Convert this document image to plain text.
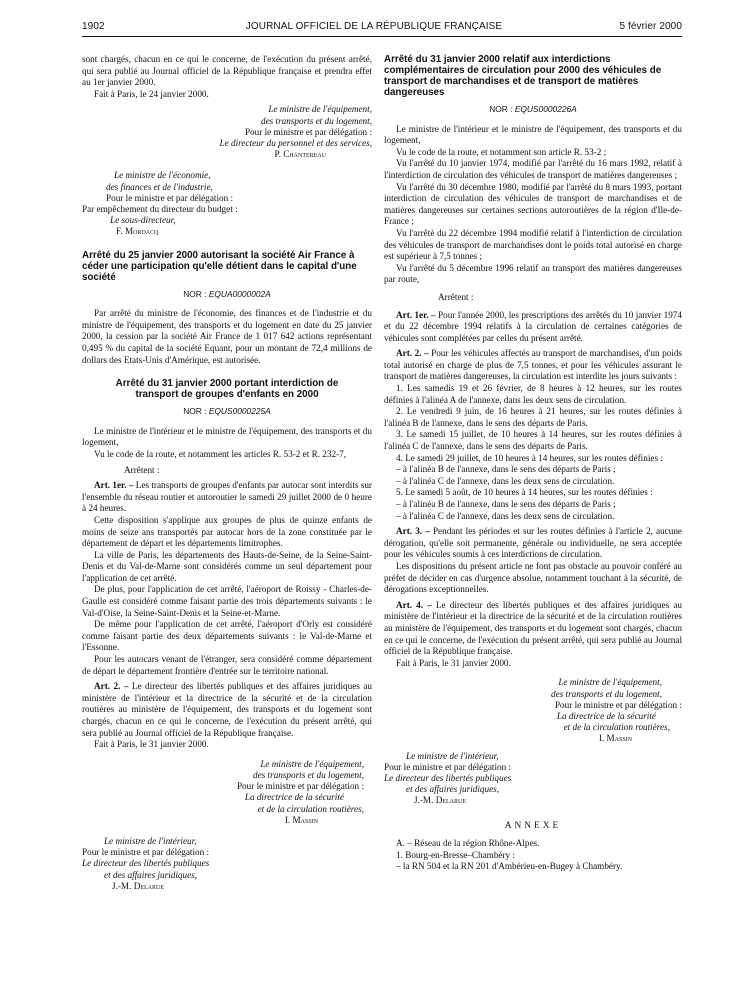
1902	JOURNAL OFFICIEL DE LA RÉPUBLIQUE FRANÇAISE	5 février 2000

sont chargés, chacun en ce qui le concerne, de l'exécution du présent arrêté, qui sera publié au Journal officiel de la République française et prendra effet au 1er janvier 2000.

Fait à Paris, le 24 janvier 2000.

Le ministre de l'équipement,
des transports et du logement,
Pour le ministre et par délégation :
Le directeur du personnel et des services,
P. Chantereau
Le ministre de l'économie,
des finances et de l'industrie,
Pour le ministre et par délégation :
Par empêchement du directeur du budget :
Le sous-directeur,
F. Mordacq
Arrêté du 25 janvier 2000 autorisant la société Air France à céder une participation qu'elle détient dans le capital d'une société
NOR : EQUA0000002A

Par arrêté du ministre de l'économie, des finances et de l'industrie et du ministre de l'équipement, des transports et du logement en date du 25 janvier 2000, la cession par la société Air France de 1 017 642 actions représentant 0,495 % du capital de la société Equant, pour un montant de 72,4 millions de dollars des Etats-Unis d'Amérique, est autorisée.

Arrêté du 31 janvier 2000 portant interdiction de transport de groupes d'enfants en 2000
NOR : EQUS0000225A

Le ministre de l'intérieur et le ministre de l'équipement, des transports et du logement,

Vu le code de la route, et notamment les articles R. 53-2 et R. 232-7,

Arrêtent :

Art. 1er. – Les transports de groupes d'enfants par autocar sont interdits sur l'ensemble du réseau routier et autoroutier le samedi 29 juillet 2000 de 0 heure à 24 heures.

Cette disposition s'applique aux groupes de plus de quinze enfants de moins de seize ans transportés par autocar hors de la zone constituée par le département de départ et les départements limitrophes.

La ville de Paris, les départements des Hauts-de-Seine, de la Seine-Saint-Denis et du Val-de-Marne sont considérés comme un seul département pour l'application de cet arrêté.

De plus, pour l'application de cet arrêté, l'aéroport de Roissy - Charles-de-Gaulle est considéré comme faisant partie des trois départements suivants : le Val-d'Oise, la Seine-Saint-Denis et la Seine-et-Marne.

De même pour l'application de cet arrêté, l'aéroport d'Orly est considéré comme faisant partie des deux départements suivants : le Val-de-Marne et l'Essonne.

Pour les autocars venant de l'étranger, sera considéré comme département de départ le département frontière d'entrée sur le territoire national.

Art. 2. – Le directeur des libertés publiques et des affaires juridiques au ministère de l'intérieur et la directrice de la sécurité et de la circulation routières au ministère de l'équipement, des transports et du logement sont chargés, chacun en ce qui le concerne, de l'exécution du présent arrêté, qui sera publié au Journal officiel de la République française.

Fait à Paris, le 31 janvier 2000.

Le ministre de l'équipement,
des transports et du logement,
Pour le ministre et par délégation :
La directrice de la sécurité
et de la circulation routières,
I. Massin
Le ministre de l'intérieur,
Pour le ministre et par délégation :
Le directeur des libertés publiques
et des affaires juridiques,
J.-M. Delarue
Arrêté du 31 janvier 2000 relatif aux interdictions complémentaires de circulation pour 2000 des véhicules de transport de marchandises et de transport de matières dangereuses
NOR : EQUS0000226A

Le ministre de l'intérieur et le ministre de l'équipement, des transports et du logement,

Vu le code de la route, et notamment son article R. 53-2 ;

Vu l'arrêté du 10 janvier 1974, modifié par l'arrêté du 16 mars 1992, relatif à l'interdiction de circulation des véhicules de transport de matières dangereuses ;

Vu l'arrêté du 30 décembre 1980, modifié par l'arrêté du 8 mars 1993, portant interdiction de circulation des véhicules de transport de marchandises et de matières dangereuses sur certaines sections autoroutières de la région d'Ile-de-France ;

Vu l'arrêté du 22 décembre 1994 modifié relatif à l'interdiction de circulation des véhicules de transport de marchandises dont le poids total autorisé en charge est supérieur à 7,5 tonnes ;

Vu l'arrêté du 5 décembre 1996 relatif au transport des matières dangereuses par route,

Arrêtent :

Art. 1er. – Pour l'année 2000, les prescriptions des arrêtés du 10 janvier 1974 et du 22 décembre 1994 relatifs à la circulation de certaines catégories de véhicules sont complétées par celles du présent arrêté.

Art. 2. – Pour les véhicules affectés au transport de marchandises, d'un poids total autorisé en charge de plus de 7,5 tonnes, et pour les véhicules assurant le transport de matières dangereuses, la circulation est interdite les jours suivants :

1. Les samedis 19 et 26 février, de 8 heures à 12 heures, sur les routes définies à l'alinéa A de l'annexe, dans les deux sens de circulation.

2. Le vendredi 9 juin, de 16 heures à 21 heures, sur les routes définies à l'alinéa B de l'annexe, dans le sens des départs de Paris.

3. Le samedi 15 juillet, de 10 heures à 14 heures, sur les routes définies à l'alinéa C de l'annexe, dans le sens des départs de Paris.

4. Le samedi 29 juillet, de 10 heures à 14 heures, sur les routes définies :

– à l'alinéa B de l'annexe, dans le sens des départs de Paris ;

– à l'alinéa C de l'annexe, dans les deux sens de circulation.

5. Le samedi 5 août, de 10 heures à 14 heures, sur les routes définies :

– à l'alinéa B de l'annexe, dans le sens des départs de Paris ;

– à l'alinéa C de l'annexe, dans les deux sens de circulation.

Art. 3. – Pendant les périodes et sur les routes définies à l'article 2, aucune dérogation, qu'elle soit permanente, générale ou individuelle, ne sera acceptée pour les véhicules soumis à ces interdictions de circulation.

Les dispositions du présent article ne font pas obstacle au pouvoir conféré au préfet de décider en cas d'urgence absolue, notamment touchant à la sécurité, de dérogations exceptionnelles.

Art. 4. – Le directeur des libertés publiques et des affaires juridiques au ministère de l'intérieur et la directrice de la sécurité et de la circulation routières au ministère de l'équipement, des transports et du logement sont chargés, chacun en ce qui le concerne, de l'exécution du présent arrêté, qui sera publié au Journal officiel de la République française.

Fait à Paris, le 31 janvier 2000.

Le ministre de l'équipement,
des transports et du logement,
Pour le ministre et par délégation :
La directrice de la sécurité
et de la circulation routières,
I. Massin
Le ministre de l'intérieur,
Pour le ministre et par délégation :
Le directeur des libertés publiques
et des affaires juridiques,
J.-M. Delarue
ANNEXE

A. – Réseau de la région Rhône-Alpes.

1. Bourg-en-Bresse–Chambéry :

– la RN 504 et la RN 201 d'Ambérieu-en-Bugey à Chambéry.
